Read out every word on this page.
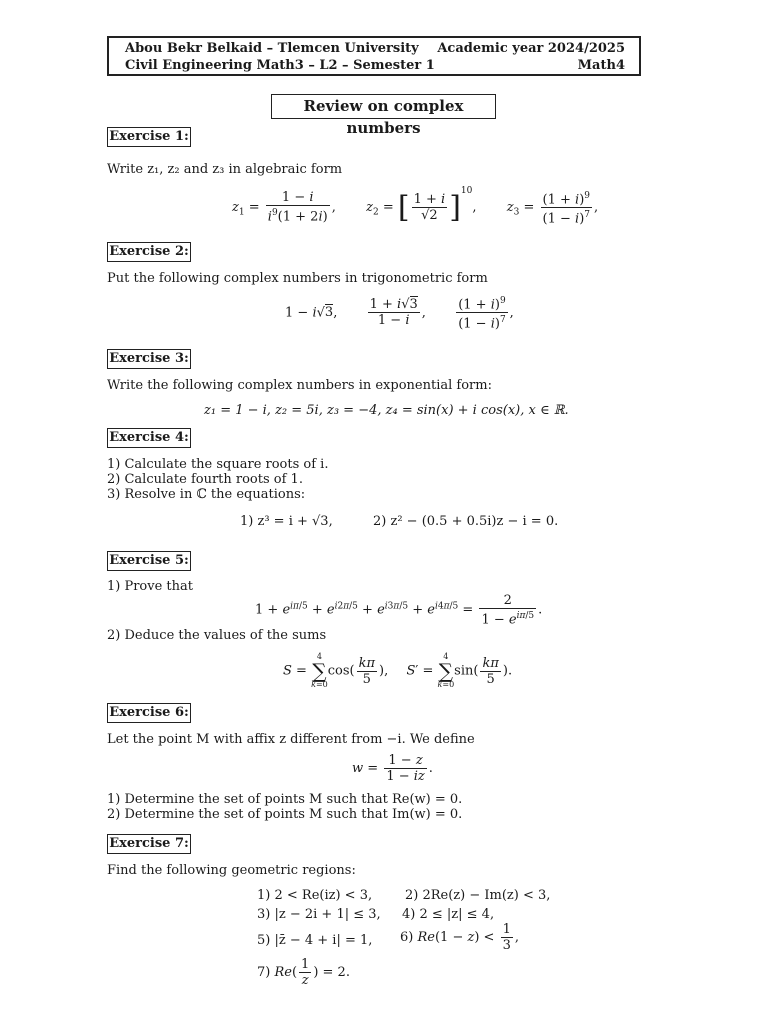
Abou Bekr Belkaid – Tlemcen University
Civil Engineering Math3 – L2 – Semester 1
Academic year 2024/2025
Math4
Review on complex numbers
Exercise 1:
Write z₁, z₂ and z₃ in algebraic form
$z_1 = \frac{1 - i}{i^9(1 + 2i)}$ ,  $z_2$ = [ $\frac{1 + i}{√2} ]^{10}$,  $z_3 = \frac{(1 + i)^9}{(1 - i)^7}$ ,
Exercise 2:
Put the following complex numbers in trigonometric form
1 − i√3, $\frac{1 + i√3}{1 - i}$ , $\frac{(1 + i)^9}{(1 - i)^7}$ ,
Exercise 3:
Write the following complex numbers in exponential form:
z₁ = 1 − i, z₂ = 5i, z₃ = −4, z₄ = sin(x) + i cos(x), x ∈ ℝ.
Exercise 4:
1) Calculate the square roots of i.
2) Calculate fourth roots of 1.
3) Resolve in ℂ the equations:
1) z³ = i + √3,	2) z² − (0.5 + 0.5i)z − i = 0.
Exercise 5:
1) Prove that
$1 + e^{i\pi/5} + e^{i2\pi/5} + e^{i3\pi/5} + e^{i4\pi/5} = \frac{2}{1 - e^{i\pi/5}}$ .
2) Deduce the values of the sums
S =
4
∑
k=0
$\cos( \frac{k\pi}{5}$ ),  S′ =
4
∑
k=0
$\sin( \frac{k\pi}{5}$ ).
Exercise 6:
Let the point M with affix z different from −i. We define
$w = \frac{1 - z}{1 - iz}$ .
1) Determine the set of points M such that Re(w) = 0.
2) Determine the set of points M such that Im(w) = 0.
Exercise 7:
Find the following geometric regions:
1) 2 < Re(iz) < 3,	2) 2Re(z) − Im(z) < 3,
3) |z − 2i + 1| ≤ 3, 4) 2 ≤ |z| ≤ 4,
5) |z̄ − 4 + i| = 1, 6) $Re(1 - z) < \frac{1}{3}$ ,
7) $Re( \frac{1}{z}$ ) = 2.
